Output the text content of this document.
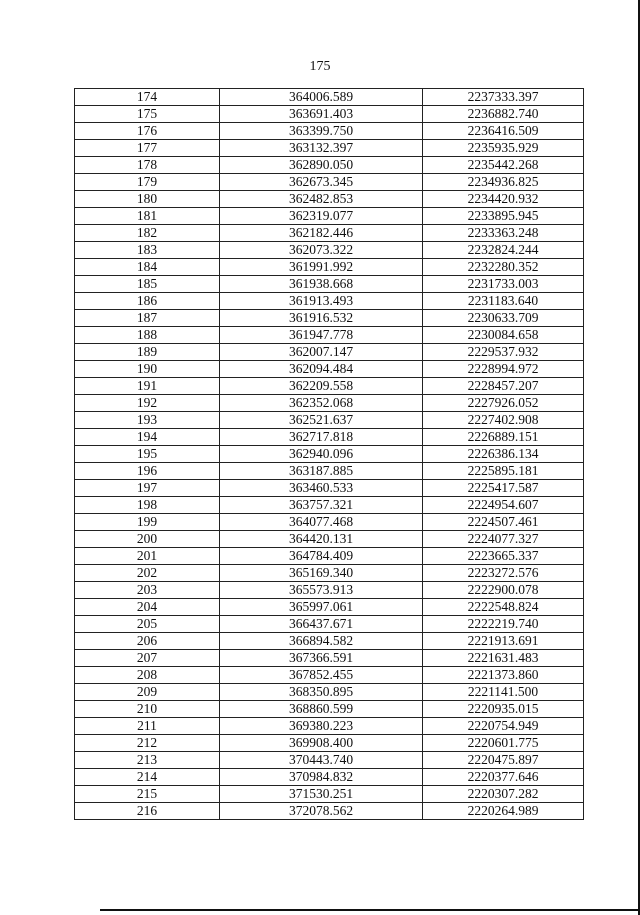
175
174	364006.589	2237333.397
175	363691.403	2236882.740
176	363399.750	2236416.509
177	363132.397	2235935.929
178	362890.050	2235442.268
179	362673.345	2234936.825
180	362482.853	2234420.932
181	362319.077	2233895.945
182	362182.446	2233363.248
183	362073.322	2232824.244
184	361991.992	2232280.352
185	361938.668	2231733.003
186	361913.493	2231183.640
187	361916.532	2230633.709
188	361947.778	2230084.658
189	362007.147	2229537.932
190	362094.484	2228994.972
191	362209.558	2228457.207
192	362352.068	2227926.052
193	362521.637	2227402.908
194	362717.818	2226889.151
195	362940.096	2226386.134
196	363187.885	2225895.181
197	363460.533	2225417.587
198	363757.321	2224954.607
199	364077.468	2224507.461
200	364420.131	2224077.327
201	364784.409	2223665.337
202	365169.340	2223272.576
203	365573.913	2222900.078
204	365997.061	2222548.824
205	366437.671	2222219.740
206	366894.582	2221913.691
207	367366.591	2221631.483
208	367852.455	2221373.860
209	368350.895	2221141.500
210	368860.599	2220935.015
211	369380.223	2220754.949
212	369908.400	2220601.775
213	370443.740	2220475.897
214	370984.832	2220377.646
215	371530.251	2220307.282
216	372078.562	2220264.989
